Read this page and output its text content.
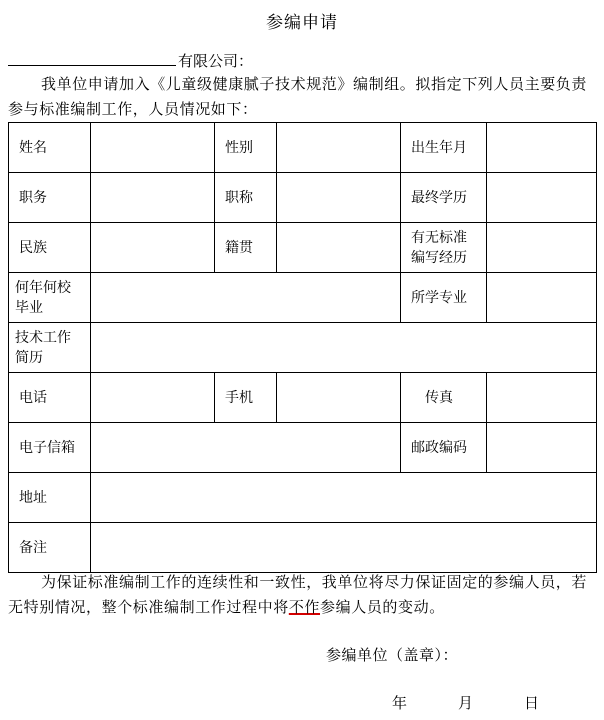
参编申请
有限公司：

我单位申请加入《儿童级健康腻子技术规范》编制组。拟指定下列人员主要负责参与标准编制工作，人员情况如下：

姓名		性别		出生年月	
职务		职称		最终学历	
民族		籍贯		有无标准编写经历	
何年何校毕业				所学专业	
技术工作简历					
电话		手机		传真	
电子信箱				邮政编码	
地址					
备注					

为保证标准编制工作的连续性和一致性，我单位将尽力保证固定的参编人员，若无特别情况，整个标准编制工作过程中将不作参编人员的变动。

参编单位（盖章）：
年	月	日
